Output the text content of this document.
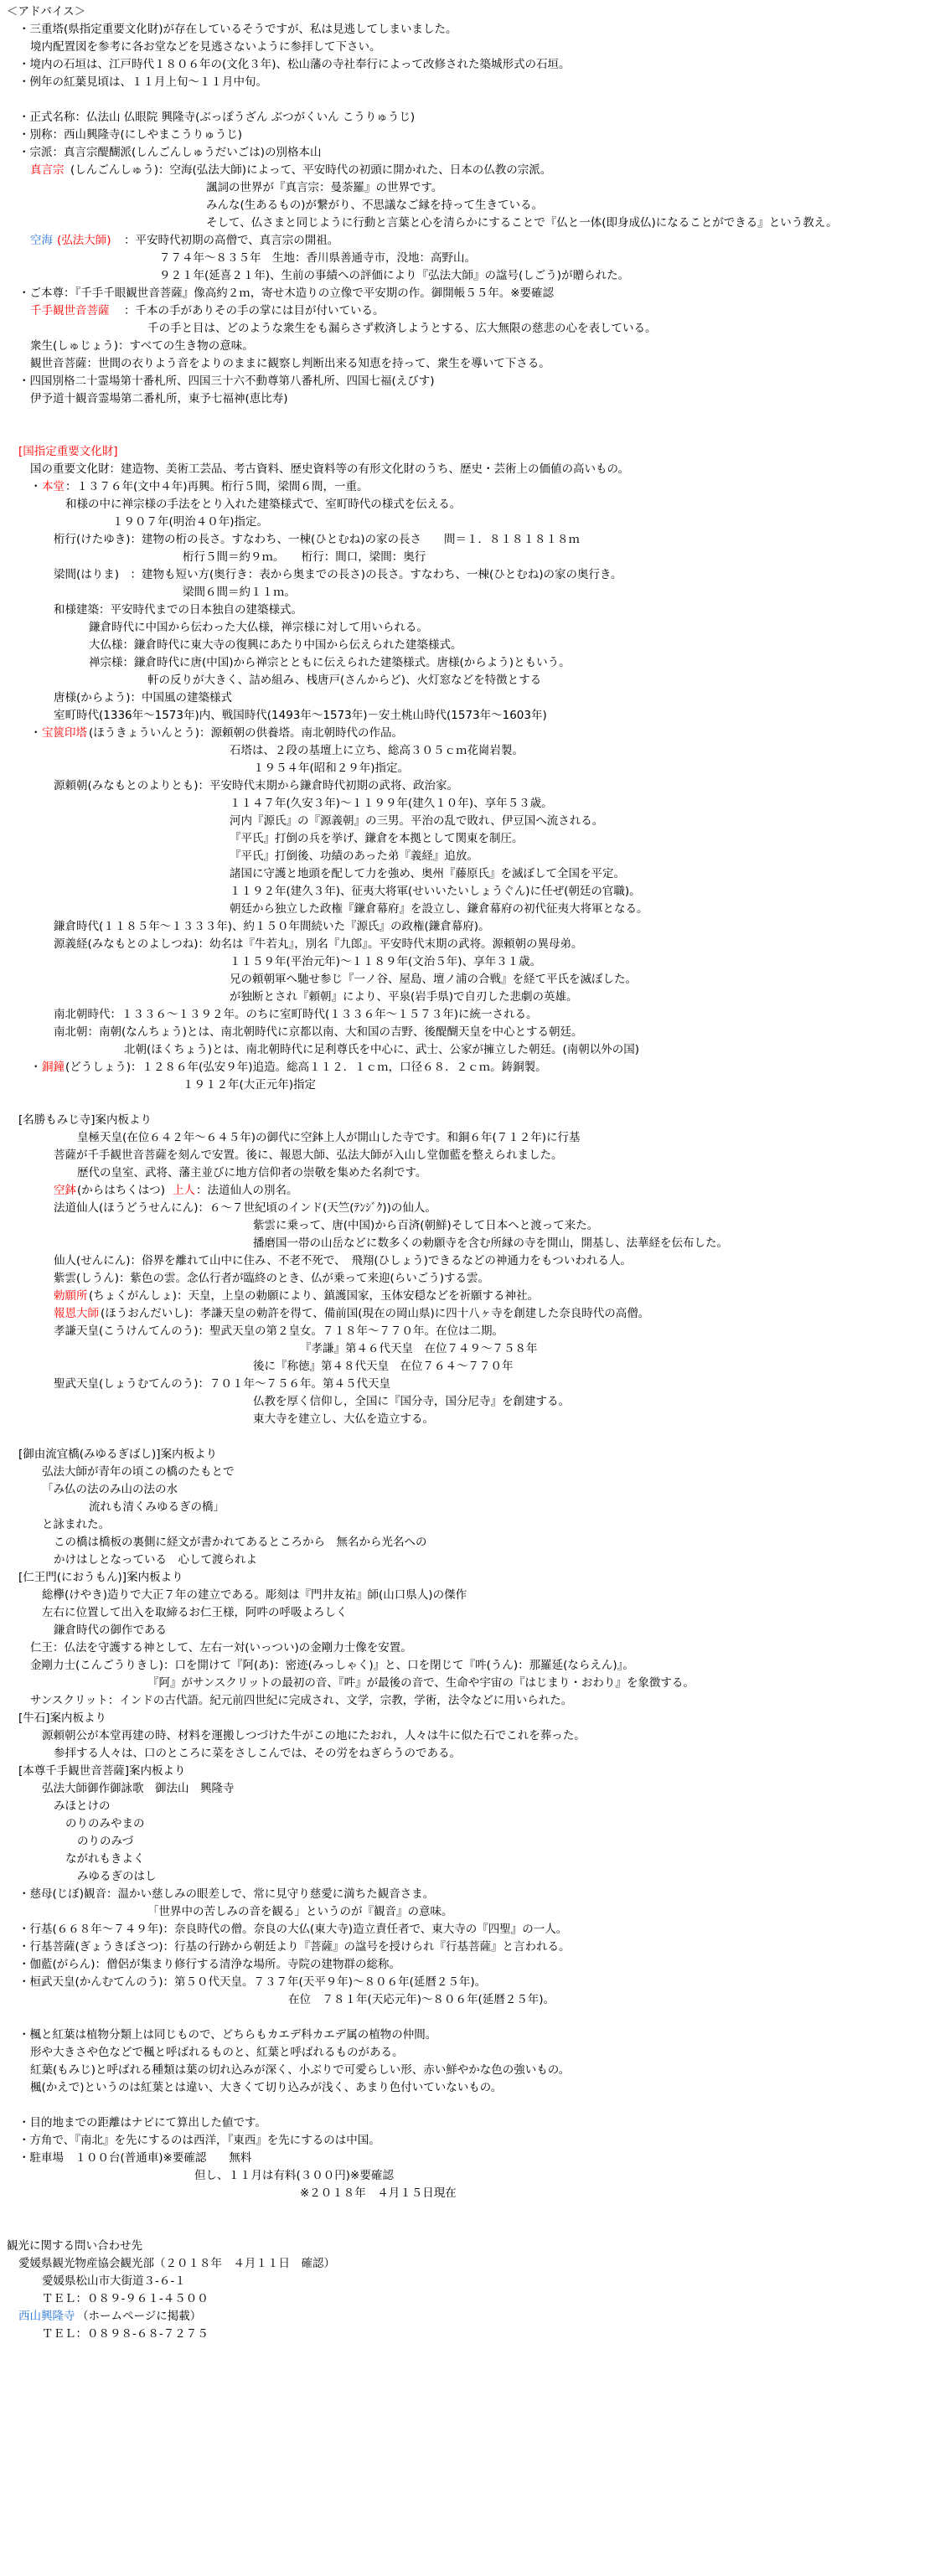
＜アドバイス＞
・三重塔(県指定重要文化財)が存在しているそうですが、私は見逃してしまいました。
境内配置図を参考に各お堂などを見逃さないように参拝して下さい。
・境内の石垣は、江戸時代１８０６年の(文化３年)、松山藩の寺社奉行によって改修された築城形式の石垣。
・例年の紅葉見頃は、１１月上旬～１１月中旬。
・正式名称：仏法山 仏眼院 興隆寺(ぶっぽうざん ぶつがくいん こうりゅうじ)
・別称：西山興隆寺(にしやまこうりゅうじ)
・宗派：真言宗醍醐派(しんごんしゅうだいごは)の別格本山
真言宗 (しんごんしゅう)：空海(弘法大師)によって、平安時代の初頭に開かれた、日本の仏教の宗派。
諷詞の世界が『真言宗：曼荼羅』の世界です。
みんな(生あるもの)が繋がり、不思議なご縁を持って生きている。
そして、仏さまと同じように行動と言葉と心を清らかにすることで『仏と一体(即身成仏)になることができる』という教え。
空海 (弘法大師) ：平安時代初期の高僧で、真言宗の開祖。
７７４年～８３５年　生地：香川県善通寺市，没地：高野山。
９２１年(延喜２１年)、生前の事績への評価により『弘法大師』の諡号(しごう)が贈られた。
・ご本尊：『千手千眼観世音菩薩』像高約２ｍ，寄せ木造りの立像で平安期の作。御開帳５５年。※要確認
千手観世音菩薩 ：千本の手がありその手の掌には目が付いている。
千の手と目は、どのような衆生をも漏らさず救済しようとする、広大無限の慈悲の心を表している。
衆生(しゅじょう)：すべての生き物の意味。
観世音菩薩：世間の衣りよう音をよりのままに観察し判断出来る知恵を持って、衆生を導いて下さる。
・四国別格二十霊場第十番札所、四国三十六不動尊第八番札所、四国七福(えびす)
伊予道十観音霊場第二番札所，東予七福神(恵比寿)
[国指定重要文化財]
国の重要文化財：建造物、美術工芸品、考古資料、歴史資料等の有形文化財のうち、歴史・芸術上の価値の高いもの。
・ 本堂 ：１３７６年(文中４年)再興。桁行５間，梁間６間，一重。
和様の中に禅宗様の手法をとり入れた建築様式で、室町時代の様式を伝える。
１９０７年(明治４０年)指定。
桁行(けたゆき)：建物の桁の長さ。すなわち、一棟(ひとむね)の家の長さ　　間＝１．８１８１８１８ｍ
桁行５間＝約９ｍ。　　桁行：間口，梁間：奥行
梁間(はりま)　：建物も短い方(奥行き：表から奥までの長さ)の長さ。すなわち、一棟(ひとむね)の家の奥行き。
梁間６間＝約１１ｍ。
和様建築：平安時代までの日本独自の建築様式。
鎌倉時代に中国から伝わった大仏様，禅宗様に対して用いられる。
大仏様：鎌倉時代に東大寺の復興にあたり中国から伝えられた建築様式。
禅宗様：鎌倉時代に唐(中国)から禅宗とともに伝えられた建築様式。唐様(からよう)ともいう。
軒の反りが大きく、詰め組み、桟唐戸(さんからど)、火灯窓などを特徴とする
唐様(からよう)：中国風の建築様式
室町時代(1336年～1573年)内、戦国時代(1493年～1573年)－安土桃山時代(1573年～1603年)
・ 宝篋印塔 (ほうきょういんとう)：源頼朝の供養塔。南北朝時代の作品。
石塔は、２段の基壇上に立ち、総高３０５ｃｍ花崗岩製。
１９５４年(昭和２９年)指定。
源頼朝(みなもとのよりとも)：平安時代末期から鎌倉時代初期の武将、政治家。
１１４７年(久安３年)～１１９９年(建久１０年)、享年５３歳。
河内『源氏』の『源義朝』の三男。平治の乱で敗れ、伊豆国へ流される。
『平氏』打倒の兵を挙げ、鎌倉を本拠として関東を制圧。
『平氏』打倒後、功績のあった弟『義経』追放。
諸国に守護と地頭を配して力を強め、奥州『藤原氏』を滅ぼして全国を平定。
１１９２年(建久３年)、征夷大将軍(せいいたいしょうぐん)に任ぜ(朝廷の官職)。
朝廷から独立した政権『鎌倉幕府』を設立し、鎌倉幕府の初代征夷大将軍となる。
鎌倉時代(１１８５年～１３３３年)、約１５０年間続いた『源氏』の政権(鎌倉幕府)。
源義経(みなもとのよしつね)：幼名は『牛若丸』，別名『九郎』。平安時代末期の武将。源頼朝の異母弟。
１１５９年(平治元年)～１１８９年(文治５年)、享年３１歳。
兄の頼朝軍へ馳せ参じ『一ノ谷、屋島、壇ノ浦の合戦』を経て平氏を滅ぼした。
が独断とされ『頼朝』により、平泉(岩手県)で自刃した悲劇の英雄。
南北朝時代：１３３６～１３９２年。のちに室町時代(１３３６年～１５７３年)に統一される。
南北朝：南朝(なんちょう)とは、南北朝時代に京都以南、大和国の吉野、後醍醐天皇を中心とする朝廷。
北朝(ほくちょう)とは、南北朝時代に足利尊氏を中心に、武士、公家が擁立した朝廷。(南朝以外の国)
・ 銅鐘 (どうしょう)：１２８６年(弘安９年)追造。総高１１２．１ｃｍ，口径６８．２ｃｍ。鋳銅製。
１９１２年(大正元年)指定
[名勝もみじ寺]案内板より
皇極天皇(在位６４２年～６４５年)の御代に空鉢上人が開山した寺です。和銅６年(７１２年)に行基
菩薩が千手観世音菩薩を刻んで安置。後に、報恩大師、弘法大師が入山し堂伽藍を整えられました。
歴代の皇室、武将、藩主並びに地方信仰者の崇敬を集めた名刹です。
空鉢 (からはちくはつ) 上人 ：法道仙人の別名。
法道仙人(ほうどうせんにん)：６～７世紀頃のインド(天竺(ﾃﾝｼﾞｸ))の仙人。
紫雲に乗って、唐(中国)から百済(朝鮮)そして日本へと渡って来た。
播磨国一帯の山岳などに数多くの勅願寺を含む所縁の寺を開山，開基し、法華経を伝布した。
仙人(せんにん)：俗界を離れて山中に住み、不老不死で、　飛翔(ひしょう)できるなどの神通力をもついわれる人。
紫雲(しうん)：紫色の雲。念仏行者が臨終のとき、仏が乗って来迎(らいごう)する雲。
勅願所 (ちょくがんしょ)：天皇，上皇の勅願により、鎮護国家，玉体安穏などを祈願する神社。
報恩大師 (ほうおんだいし)：孝謙天皇の勅許を得て、備前国(現在の岡山県)に四十八ヶ寺を創建した奈良時代の高僧。
孝謙天皇(こうけんてんのう)：聖武天皇の第２皇女。７１８年～７７０年。在位は二期。
『孝謙』第４６代天皇　在位７４９～７５８年
後に『称徳』第４８代天皇　在位７６４～７７０年
聖武天皇(しょうむてんのう)：７０１年～７５６年。第４５代天皇
仏教を厚く信仰し，全国に『国分寺，国分尼寺』を創建する。
東大寺を建立し、大仏を造立する。
[御由流宜橋(みゆるぎばし)]案内板より
弘法大師が青年の頃この橋のたもとで
「み仏の法のみ山の法の水
流れも清くみゆるぎの橋」
と詠まれた。
この橋は橋板の裏側に経文が書かれてあるところから　無名から光名への
かけはしとなっている　心して渡られよ
[仁王門(におうもん)]案内板より
総欅(けやき)造りで大正７年の建立である。彫刻は『門井友祐』師(山口県人)の傑作
左右に位置して出入を取締るお仁王様，阿吽の呼吸よろしく
鎌倉時代の御作である
仁王：仏法を守護する神として、左右一対(いっつい)の金剛力士像を安置。
金剛力士(こんごうりきし)：口を開けて『阿(あ)：密迹(みっしゃく)』と、口を閉じて『吽(うん)：那羅延(ならえん)』。
『阿』がサンスクリットの最初の音、『吽』が最後の音で、生命や宇宙の『はじまり・おわり』を象徴する。
サンスクリット：インドの古代語。紀元前四世紀に完成され、文学，宗教，学術，法令などに用いられた。
[牛石]案内板より
源頼朝公が本堂再建の時、材料を運搬しつづけた牛がこの地にたおれ，人々は牛に似た石でこれを葬った。
参拝する人々は、口のところに菜をさしこんでは、その労をねぎらうのである。
[本尊千手観世音菩薩]案内板より
弘法大師御作御詠歌　御法山　興隆寺
みほとけの
のりのみやまの
のりのみづ
ながれもきよく
みゆるぎのはし
・慈母(じぼ)観音：温かい慈しみの眼差しで、常に見守り慈愛に満ちた観音さま。
「世界中の苦しみの音を観る」というのが『観音』の意味。
・行基(６６８年～７４９年)：奈良時代の僧。奈良の大仏(東大寺)造立責任者で、東大寺の『四聖』の一人。
・行基菩薩(ぎょうきぼさつ)：行基の行跡から朝廷より『菩薩』の諡号を授けられ『行基菩薩』と言われる。
・伽藍(がらん)：僧侶が集まり修行する清浄な場所。寺院の建物群の総称。
・桓武天皇(かんむてんのう)：第５０代天皇。７３７年(天平９年)～８０６年(延暦２５年)。
在位　７８１年(天応元年)～８０６年(延暦２５年)。
・楓と紅葉は植物分類上は同じもので、どちらもカエデ科カエデ属の植物の仲間。
形や大きさや色などで楓と呼ばれるものと、紅葉と呼ばれるものがある。
紅葉(もみじ)と呼ばれる種類は葉の切れ込みが深く、小ぶりで可愛らしい形、赤い鮮やかな色の強いもの。
楓(かえで)というのは紅葉とは違い、大きくて切り込みが浅く、あまり色付いていないもの。
・目的地までの距離はナビにて算出した値です。
・方角で、『南北』を先にするのは西洋，『東西』を先にするのは中国。
・駐車場　１００台(普通車)※要確認　　無料
但し、１１月は有料(３００円)※要確認
※２０１８年　４月１５日現在
観光に関する問い合わせ先
愛媛県観光物産協会観光部（２０１８年　４月１１日　確認）
愛媛県松山市大街道３-６-１
ＴＥＬ：０８９-９６１-４５００
西山興隆寺 （ホームページに掲載）
ＴＥＬ：０８９８-６８-７２７５
